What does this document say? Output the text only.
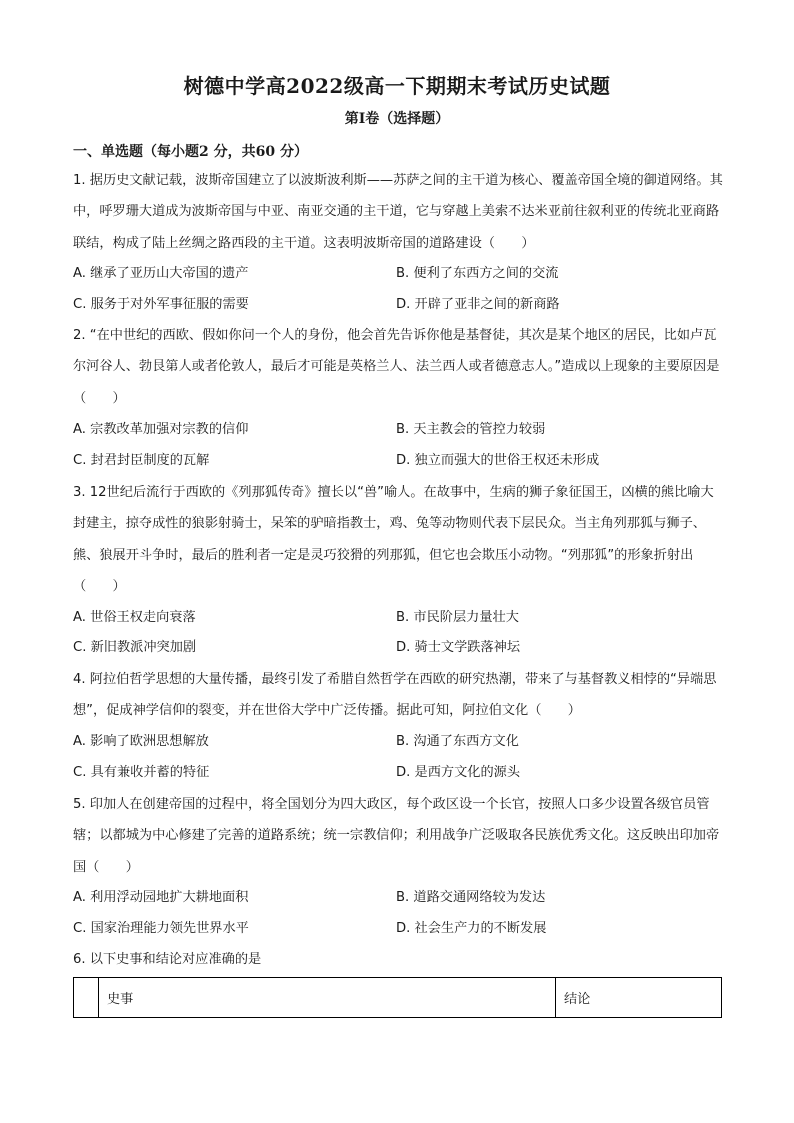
树德中学高2022级高一下期期末考试历史试题
第I卷（选择题）
一、单选题（每小题2 分，共60 分）
1. 据历史文献记载，波斯帝国建立了以波斯波利斯——苏萨之间的主干道为核心、覆盖帝国全境的御道网络。其中，呼罗珊大道成为波斯帝国与中亚、南亚交通的主干道，它与穿越上美索不达米亚前往叙利亚的传统北亚商路联结，构成了陆上丝绸之路西段的主干道。这表明波斯帝国的道路建设（　　）
A. 继承了亚历山大帝国的遗产	B. 便利了东西方之间的交流
C. 服务于对外军事征服的需要	D. 开辟了亚非之间的新商路
2. “在中世纪的西欧、假如你问一个人的身份，他会首先告诉你他是基督徒，其次是某个地区的居民，比如卢瓦尔河谷人、勃艮第人或者伦敦人，最后才可能是英格兰人、法兰西人或者德意志人。”造成以上现象的主要原因是（　　）
A. 宗教改革加强对宗教的信仰	B. 天主教会的管控力较弱
C. 封君封臣制度的瓦解	D. 独立而强大的世俗王权还未形成
3. 12世纪后流行于西欧的《列那狐传奇》擅长以“兽”喻人。在故事中，生病的狮子象征国王，凶横的熊比喻大封建主，掠夺成性的狼影射骑士，呆笨的驴暗指教士，鸡、兔等动物则代表下层民众。当主角列那狐与狮子、熊、狼展开斗争时，最后的胜利者一定是灵巧狡猾的列那狐，但它也会欺压小动物。“列那狐”的形象折射出（　　）
A. 世俗王权走向衰落	B. 市民阶层力量壮大
C. 新旧教派冲突加剧	D. 骑士文学跌落神坛
4. 阿拉伯哲学思想的大量传播，最终引发了希腊自然哲学在西欧的研究热潮，带来了与基督教义相悖的“异端思想”，促成神学信仰的裂变，并在世俗大学中广泛传播。据此可知，阿拉伯文化（　　）
A. 影响了欧洲思想解放	B. 沟通了东西方文化
C. 具有兼收并蓄的特征	D. 是西方文化的源头
5. 印加人在创建帝国的过程中，将全国划分为四大政区，每个政区设一个长官，按照人口多少设置各级官员管辖；以都城为中心修建了完善的道路系统；统一宗教信仰；利用战争广泛吸取各民族优秀文化。这反映出印加帝国（　　）
A. 利用浮动园地扩大耕地面积	B. 道路交通网络较为发达
C. 国家治理能力领先世界水平	D. 社会生产力的不断发展
6. 以下史事和结论对应准确的是
	史事	结论
